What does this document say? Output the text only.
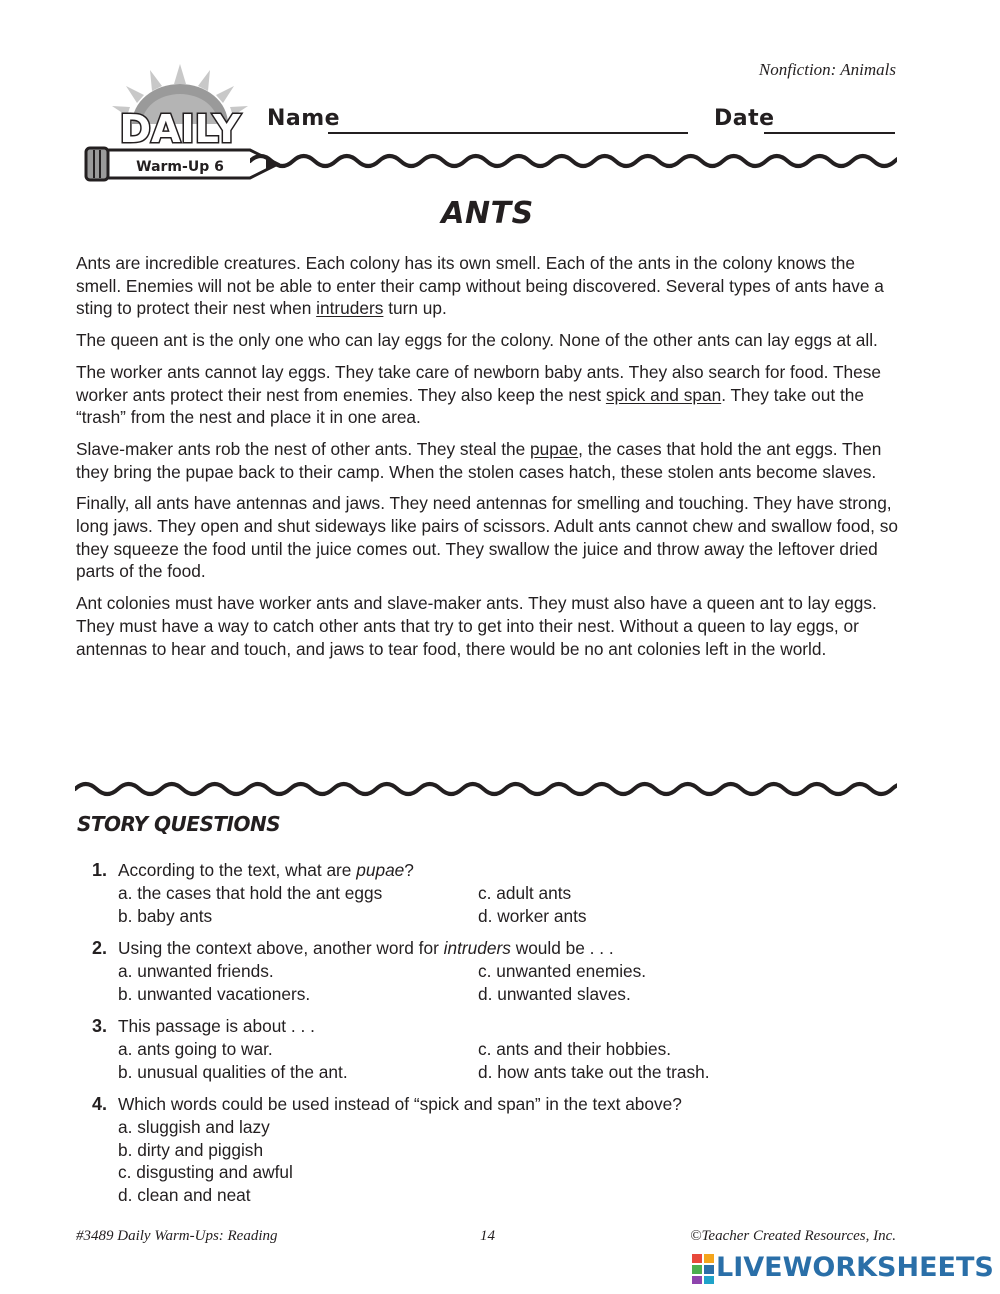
Nonfiction: Animals
DAILY
Warm-Up 6
Name	Date
ANTS

Ants are incredible creatures. Each colony has its own smell. Each of the ants in the colony knows the smell. Enemies will not be able to enter their camp without being discovered. Several types of ants have a sting to protect their nest when intruders turn up.

The queen ant is the only one who can lay eggs for the colony. None of the other ants can lay eggs at all.

The worker ants cannot lay eggs. They take care of newborn baby ants. They also search for food. These worker ants protect their nest from enemies. They also keep the nest spick and span. They take out the “trash” from the nest and place it in one area.

Slave-maker ants rob the nest of other ants. They steal the pupae, the cases that hold the ant eggs. Then they bring the pupae back to their camp. When the stolen cases hatch, these stolen ants become slaves.

Finally, all ants have antennas and jaws. They need antennas for smelling and touching. They have strong, long jaws. They open and shut sideways like pairs of scissors. Adult ants cannot chew and swallow food, so they squeeze the food until the juice comes out. They swallow the juice and throw away the leftover dried parts of the food.

Ant colonies must have worker ants and slave-maker ants. They must also have a queen ant to lay eggs. They must have a way to catch other ants that try to get into their nest. Without a queen to lay eggs, or antennas to hear and touch, and jaws to tear food, there would be no ant colonies left in the world.

STORY QUESTIONS
1. According to the text, what are pupae?
a. the cases that hold the ant eggs	c. adult ants
b. baby ants	d. worker ants
2. Using the context above, another word for intruders would be . . .
a. unwanted friends.	c. unwanted enemies.
b. unwanted vacationers.	d. unwanted slaves.
3. This passage is about . . .
a. ants going to war.	c. ants and their hobbies.
b. unusual qualities of the ant.	d. how ants take out the trash.
4. Which words could be used instead of “spick and span” in the text above?
a. sluggish and lazy
b. dirty and piggish
c. disgusting and awful
d. clean and neat
#3489 Daily Warm-Ups: Reading	14	©Teacher Created Resources, Inc.
LIVEWORKSHEETS
